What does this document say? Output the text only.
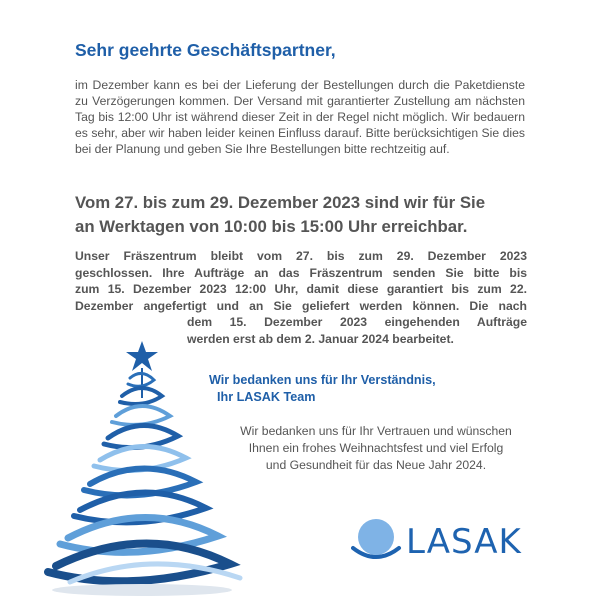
Sehr geehrte Geschäftspartner,
im Dezember kann es bei der Lieferung der Bestellungen durch die Paketdienste zu Verzögerungen kommen. Der Versand mit garantierter Zustellung am nächsten Tag bis 12:00 Uhr ist während dieser Zeit in der Regel nicht möglich. Wir bedauern es sehr, aber wir haben leider keinen Einfluss darauf. Bitte berücksichtigen Sie dies bei der Planung und geben Sie Ihre Bestellungen bitte rechtzeitig auf.
Vom 27. bis zum 29. Dezember 2023 sind wir für Sie
an Werktagen von 10:00 bis 15:00 Uhr erreichbar.
Unser Fräszentrum bleibt vom 27. bis zum 29. Dezember 2023
geschlossen. Ihre Aufträge an das Fräszentrum senden Sie bitte bis
zum 15. Dezember 2023 12:00 Uhr, damit diese garantiert bis zum 22.
Dezember angefertigt und an Sie geliefert werden können. Die nach
dem 15. Dezember 2023 eingehenden Aufträge
werden erst ab dem 2. Januar 2024 bearbeitet.
Wir bedanken uns für Ihr Verständnis,
Ihr LASAK Team
Wir bedanken uns für Ihr Vertrauen und wünschen
Ihnen ein frohes Weihnachtsfest und viel Erfolg
und Gesundheit für das Neue Jahr 2024.
LASAK
